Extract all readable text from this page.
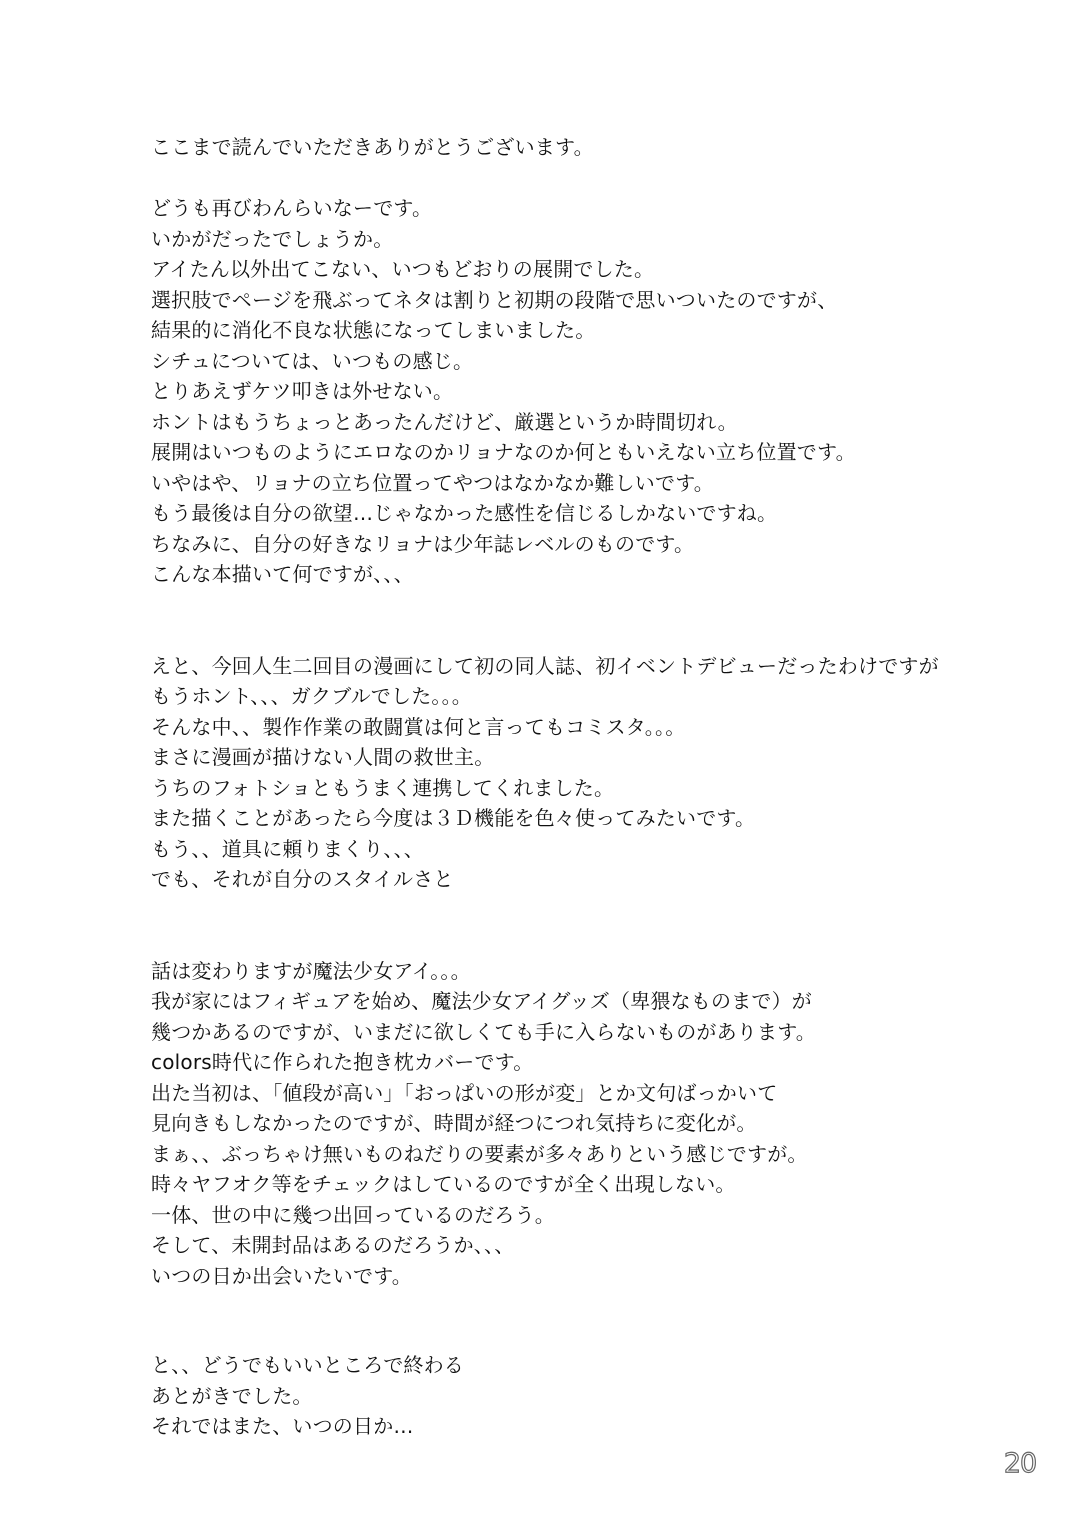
ここまで読んでいただきありがとうございます。
どうも再びわんらいなーです。
いかがだったでしょうか。
アイたん以外出てこない、いつもどおりの展開でした。
選択肢でページを飛ぶってネタは割りと初期の段階で思いついたのですが、
結果的に消化不良な状態になってしまいました。
シチュについては、いつもの感じ。
とりあえずケツ叩きは外せない。
ホントはもうちょっとあったんだけど、厳選というか時間切れ。
展開はいつものようにエロなのかリョナなのか何ともいえない立ち位置です。
いやはや、リョナの立ち位置ってやつはなかなか難しいです。
もう最後は自分の欲望…じゃなかった感性を信じるしかないですね。
ちなみに、自分の好きなリョナは少年誌レベルのものです。
こんな本描いて何ですが、、、
えと、今回人生二回目の漫画にして初の同人誌、初イベントデビューだったわけですが
もうホント、、、ガクブルでした。。。
そんな中、、製作作業の敢闘賞は何と言ってもコミスタ。。。
まさに漫画が描けない人間の救世主。
うちのフォトショともうまく連携してくれました。
また描くことがあったら今度は３Ｄ機能を色々使ってみたいです。
もう、、道具に頼りまくり、、、
でも、それが自分のスタイルさと
話は変わりますが魔法少女アイ。。。
我が家にはフィギュアを始め、魔法少女アイグッズ（卑猥なものまで）が
幾つかあるのですが、いまだに欲しくても手に入らないものがあります。
colors時代に作られた抱き枕カバーです。
出た当初は、「値段が高い」「おっぱいの形が変」とか文句ばっかいて
見向きもしなかったのですが、時間が経つにつれ気持ちに変化が。
まぁ、、ぶっちゃけ無いものねだりの要素が多々ありという感じですが。
時々ヤフオク等をチェックはしているのですが全く出現しない。
一体、世の中に幾つ出回っているのだろう。
そして、未開封品はあるのだろうか、、、
いつの日か出会いたいです。
と、、どうでもいいところで終わる
あとがきでした。
それではまた、いつの日か…
20
